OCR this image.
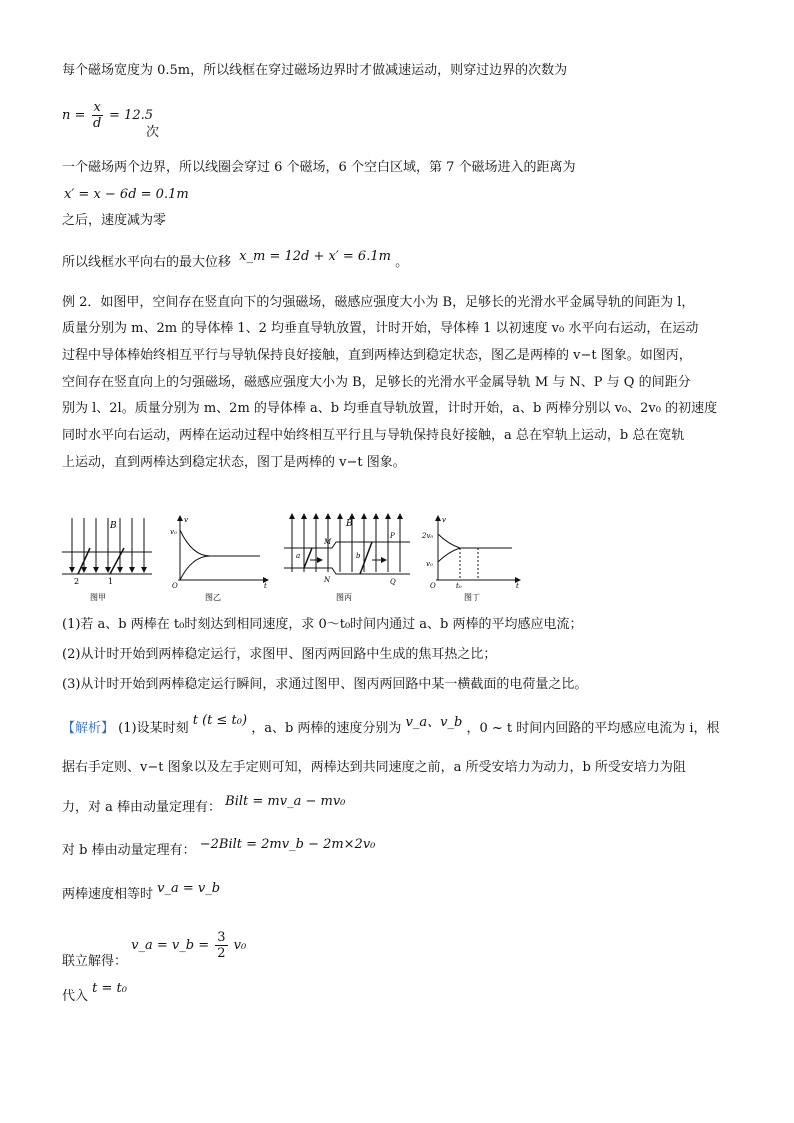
每个磁场宽度为 0.5m，所以线框在穿过磁场边界时才做减速运动，则穿过边界的次数为
$n = \frac{x}{d} = 12.5$
次
一个磁场两个边界，所以线圈会穿过 6 个磁场，6 个空白区域，第 7 个磁场进入的距离为
x′ = x − 6d = 0.1m
之后，速度减为零
所以线框水平向右的最大位移 x_m = 12d + x′ = 6.1m 。
例 2．如图甲，空间存在竖直向下的匀强磁场，磁感应强度大小为 B，足够长的光滑水平金属导轨的间距为 l，
质量分别为 m、2m 的导体棒 1、2 均垂直导轨放置，计时开始，导体棒 1 以初速度 v₀ 水平向右运动，在运动
过程中导体棒始终相互平行与导轨保持良好接触，直到两棒达到稳定状态，图乙是两棒的 v−t 图象。如图丙，
空间存在竖直向上的匀强磁场，磁感应强度大小为 B，足够长的光滑水平金属导轨 M 与 N、P 与 Q 的间距分
别为 l、2l。质量分别为 m、2m 的导体棒 a、b 均垂直导轨放置，计时开始，a、b 两棒分别以 v₀、2v₀ 的初速度
同时水平向右运动，两棒在运动过程中始终相互平行且与导轨保持良好接触，a 总在窄轨上运动，b 总在宽轨
上运动，直到两棒达到稳定状态，图丁是两棒的 v−t 图象。
B
2	1
图甲
v
v₀
O	t
图乙
B
M
N
P
Q
a	b
图丙
v
2v₀
v₀
O	t₀	t
图丁
(1)若 a、b 两棒在 t₀时刻达到相同速度，求 0～t₀时间内通过 a、b 两棒的平均感应电流；
(2)从计时开始到两棒稳定运行，求图甲、图丙两回路中生成的焦耳热之比；
(3)从计时开始到两棒稳定运行瞬间，求通过图甲、图丙两回路中某一横截面的电荷量之比。
【解析】 (1)设某时刻 t (t ≤ t₀) ，a、b 两棒的速度分别为 v_a、v_b ，0 ~ t 时间内回路的平均感应电流为 i，根
据右手定则、v−t 图象以及左手定则可知，两棒达到共同速度之前，a 所受安培力为动力，b 所受安培力为阻
力，对 a 棒由动量定理有： Bilt = mv_a − mv₀
对 b 棒由动量定理有： −2Bilt = 2mv_b − 2m×2v₀
两棒速度相等时 v_a = v_b
联立解得： v_a = v_b = $\frac{3}{2} v_0$
代入 t = t₀
